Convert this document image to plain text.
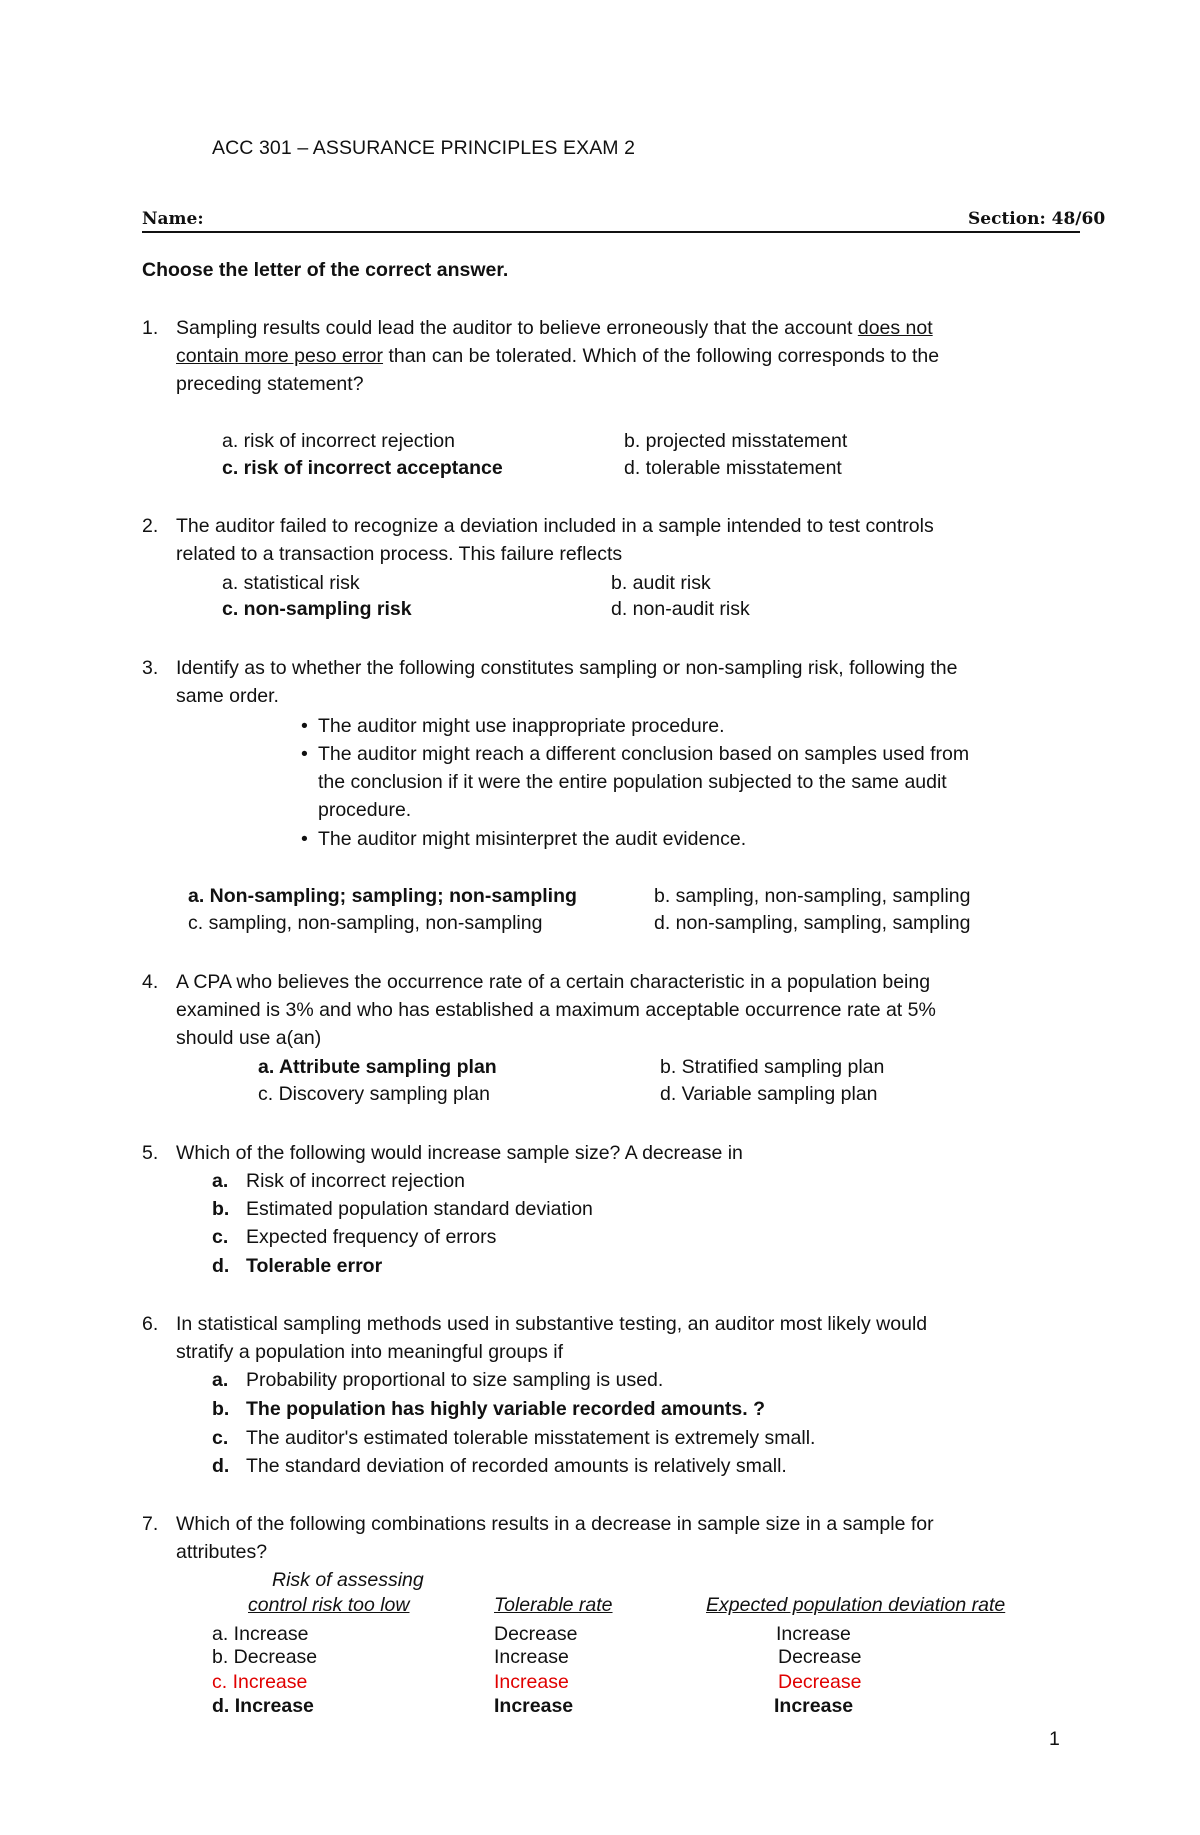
ACC 301 – ASSURANCE PRINCIPLES EXAM 2
Name:	Section: 48/60
Choose the letter of the correct answer.
1. Sampling results could lead the auditor to believe erroneously that the account does not
contain more peso error than can be tolerated. Which of the following corresponds to the
preceding statement?
a. risk of incorrect rejection	b. projected misstatement
c. risk of incorrect acceptance	d. tolerable misstatement
2. The auditor failed to recognize a deviation included in a sample intended to test controls
related to a transaction process. This failure reflects
a. statistical risk	b. audit risk
c. non-sampling risk	d. non-audit risk
3. Identify as to whether the following constitutes sampling or non-sampling risk, following the
same order.
• The auditor might use inappropriate procedure.
• The auditor might reach a different conclusion based on samples used from
the conclusion if it were the entire population subjected to the same audit
procedure.
• The auditor might misinterpret the audit evidence.
a. Non-sampling; sampling; non-sampling	b. sampling, non-sampling, sampling
c. sampling, non-sampling, non-sampling	d. non-sampling, sampling, sampling
4. A CPA who believes the occurrence rate of a certain characteristic in a population being
examined is 3% and who has established a maximum acceptable occurrence rate at 5%
should use a(an)
a. Attribute sampling plan	b. Stratified sampling plan
c. Discovery sampling plan	d. Variable sampling plan
5. Which of the following would increase sample size? A decrease in
a. Risk of incorrect rejection
b. Estimated population standard deviation
c. Expected frequency of errors
d. Tolerable error
6. In statistical sampling methods used in substantive testing, an auditor most likely would
stratify a population into meaningful groups if
a. Probability proportional to size sampling is used.
b. The population has highly variable recorded amounts. ?
c. The auditor's estimated tolerable misstatement is extremely small.
d. The standard deviation of recorded amounts is relatively small.
7. Which of the following combinations results in a decrease in sample size in a sample for
attributes?
Risk of assessing
control risk too low	Tolerable rate	Expected population deviation rate
a. Increase	Decrease	Increase
b. Decrease	Increase	Decrease
c. Increase	Increase	Decrease
d. Increase	Increase	Increase
1
